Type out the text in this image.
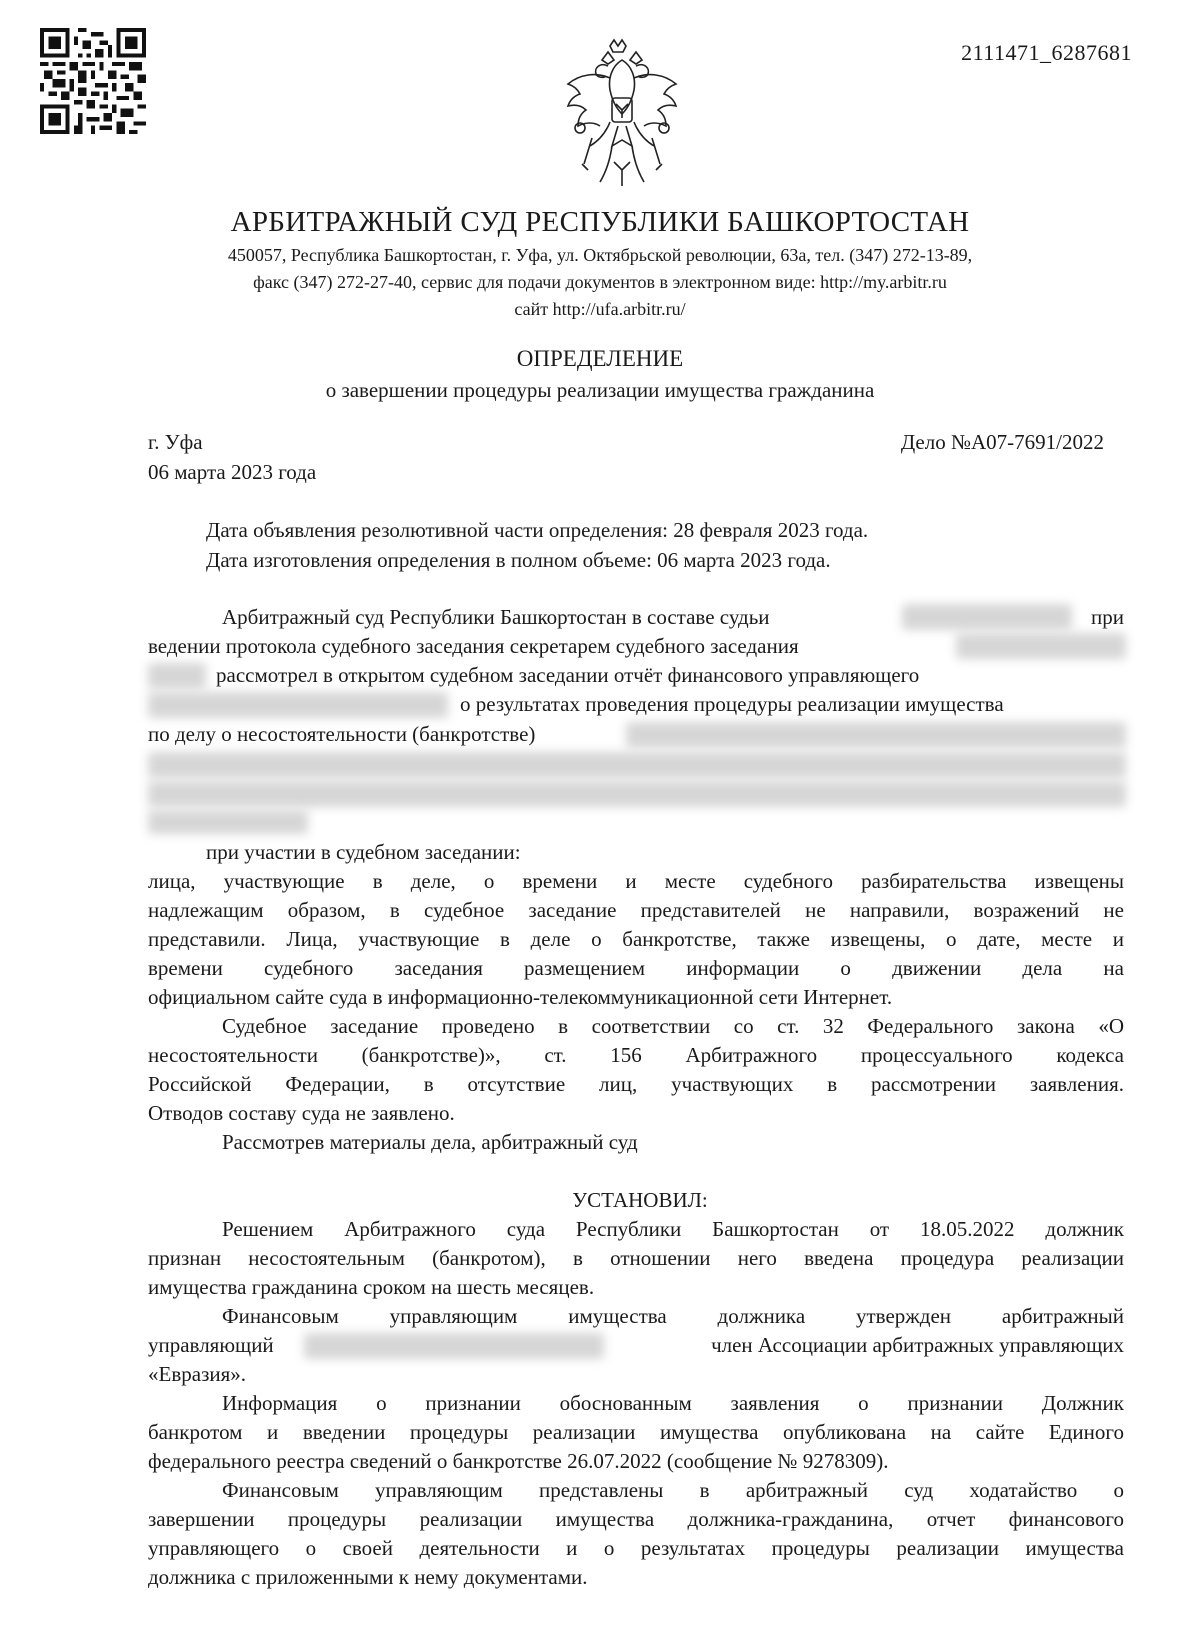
2111471_6287681
АРБИТРАЖНЫЙ СУД РЕСПУБЛИКИ БАШКОРТОСТАН
450057, Республика Башкортостан, г. Уфа, ул. Октябрьской революции, 63а, тел. (347) 272-13-89,
факс (347) 272-27-40, сервис для подачи документов в электронном виде: http://my.arbitr.ru
сайт http://ufa.arbitr.ru/
ОПРЕДЕЛЕНИЕ
о завершении процедуры реализации имущества гражданина
г. Уфа	Дело №А07-7691/2022
06 марта 2023 года
Дата объявления резолютивной части определения: 28 февраля 2023 года.
Дата изготовления определения в полном объеме: 06 марта 2023 года.
Арбитражный суд Республики Башкортостан в составе судьи	при
ведении протокола судебного заседания секретарем судебного заседания
рассмотрел в открытом судебном заседании отчёт финансового управляющего
о результатах проведения процедуры реализации имущества
по делу о несостоятельности (банкротстве)
при участии в судебном заседании:
лица, участвующие в деле, о времени и месте судебного разбирательства извещены
надлежащим образом, в судебное заседание представителей не направили, возражений не
представили. Лица, участвующие в деле о банкротстве, также извещены, о дате, месте и
времени судебного заседания размещением информации о движении дела на
официальном сайте суда в информационно-телекоммуникационной сети Интернет.
Судебное заседание проведено в соответствии со ст. 32 Федерального закона «О
несостоятельности (банкротстве)», ст. 156 Арбитражного процессуального кодекса
Российской Федерации, в отсутствие лиц, участвующих в рассмотрении заявления.
Отводов составу суда не заявлено.
Рассмотрев материалы дела, арбитражный суд
УСТАНОВИЛ:
Решением Арбитражного суда Республики Башкортостан от 18.05.2022 должник
признан несостоятельным (банкротом), в отношении него введена процедура реализации
имущества гражданина сроком на шесть месяцев.
Финансовым управляющим имущества должника утвержден арбитражный
управляющий	член Ассоциации арбитражных управляющих
«Евразия».
Информация о признании обоснованным заявления о признании Должник
банкротом и введении процедуры реализации имущества опубликована на сайте Единого
федерального реестра сведений о банкротстве 26.07.2022 (сообщение № 9278309).
Финансовым управляющим представлены в арбитражный суд ходатайство о
завершении процедуры реализации имущества должника-гражданина, отчет финансового
управляющего о своей деятельности и о результатах процедуры реализации имущества
должника с приложенными к нему документами.
